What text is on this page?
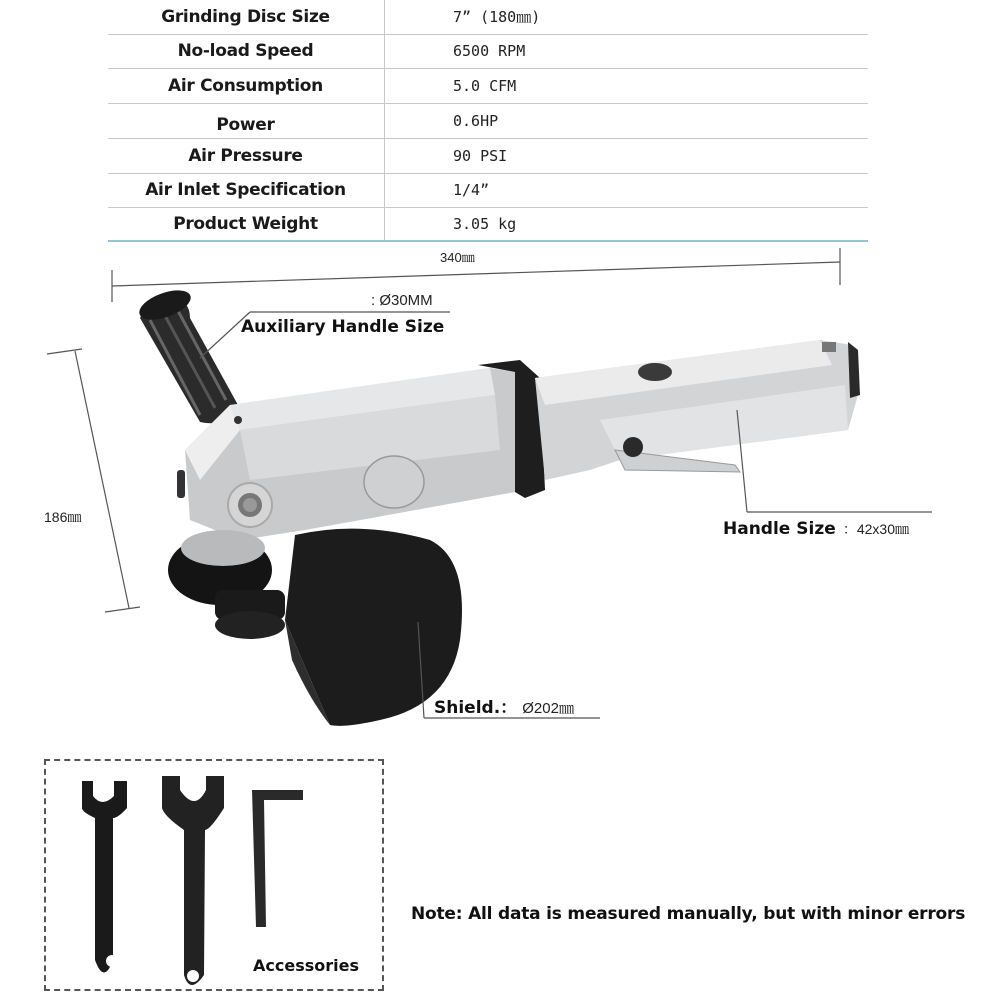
Grinding Disc Size	7” (180㎜)
No-load Speed	6500 RPM
Air Consumption	5.0 CFM
Power	0.6HP
Air Pressure	90 PSI
Air Inlet Specification	1/4”
Product Weight	3.05 kg
340㎜
186㎜
: Ø30MM
Auxiliary Handle Size
Handle Size ：42x30㎜
Shield.： Ø202㎜
Accessories
Note: All data is measured manually, but with minor errors
